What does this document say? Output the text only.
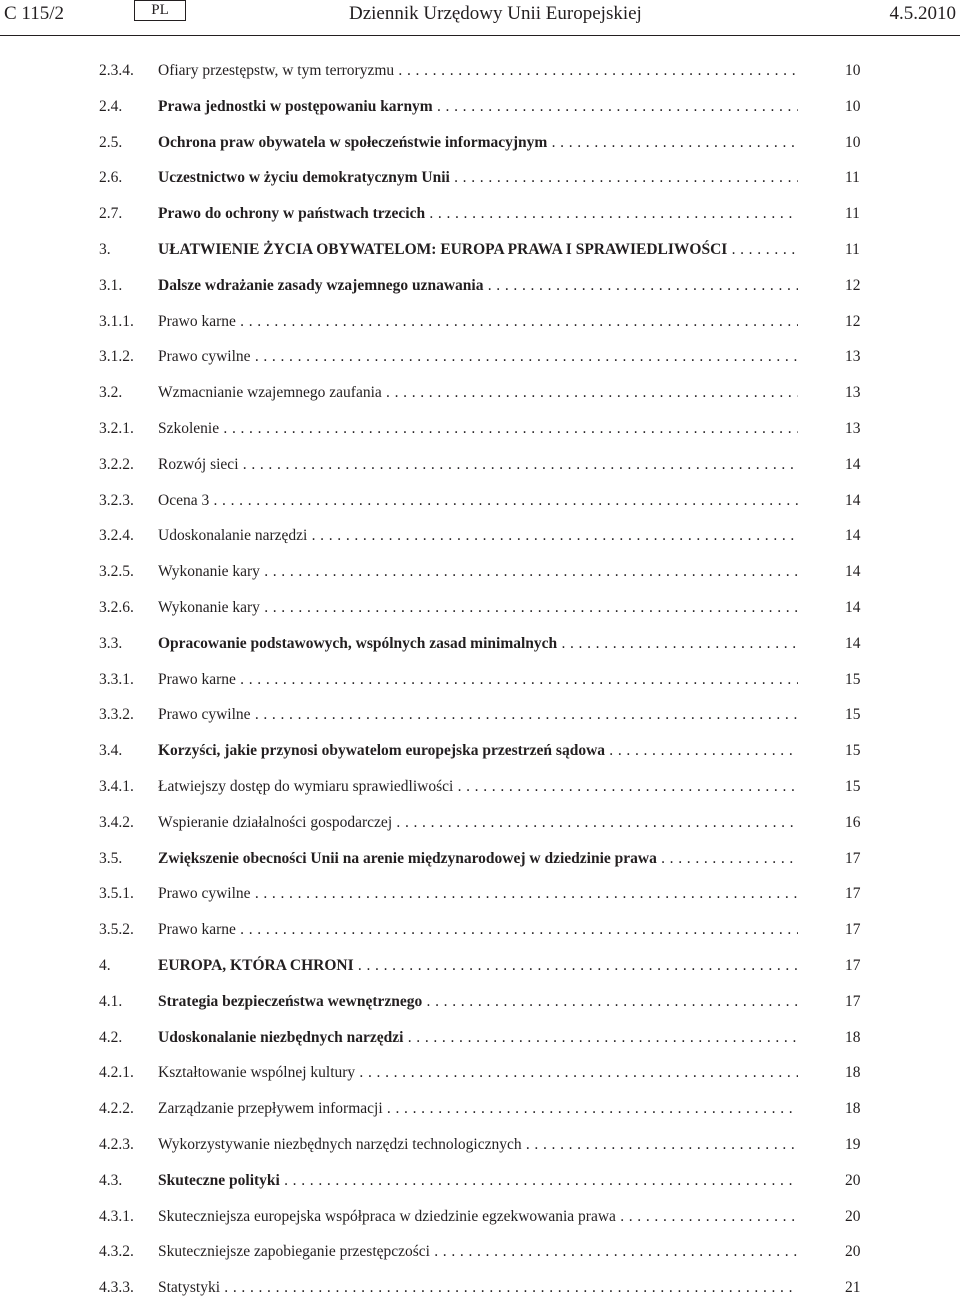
C 115/2	PL	Dziennik Urzędowy Unii Europejskiej	4.5.2010
2.3.4. Ofiary przestępstw, w tym terroryzmu . . .	10
2.4. Prawa jednostki w postępowaniu karnym . . .	10
2.5. Ochrona praw obywatela w społeczeństwie informacyjnym . . .	10
2.6. Uczestnictwo w życiu demokratycznym Unii . . .	11
2.7. Prawo do ochrony w państwach trzecich . . .	11
3.	UŁATWIENIE ŻYCIA OBYWATELOM: EUROPA PRAWA I SPRAWIEDLIWOŚCI . . .	11
3.1. Dalsze wdrażanie zasady wzajemnego uznawania . . .	12
3.1.1. Prawo karne . . .	12
3.1.2. Prawo cywilne . . .	13
3.2. Wzmacnianie wzajemnego zaufania . . .	13
3.2.1. Szkolenie . . .	13
3.2.2. Rozwój sieci . . .	14
3.2.3. Ocena 3 . . .	14
3.2.4. Udoskonalanie narzędzi . . .	14
3.2.5. Wykonanie kary . . .	14
3.2.6. Wykonanie kary . . .	14
3.3. Opracowanie podstawowych, wspólnych zasad minimalnych . . .	14
3.3.1. Prawo karne . . .	15
3.3.2. Prawo cywilne . . .	15
3.4. Korzyści, jakie przynosi obywatelom europejska przestrzeń sądowa . . .	15
3.4.1. Łatwiejszy dostęp do wymiaru sprawiedliwości . . .	15
3.4.2. Wspieranie działalności gospodarczej . . .	16
3.5. Zwiększenie obecności Unii na arenie międzynarodowej w dziedzinie prawa . . .	17
3.5.1. Prawo cywilne . . .	17
3.5.2. Prawo karne . . .	17
4.	EUROPA, KTÓRA CHRONI . . .	17
4.1. Strategia bezpieczeństwa wewnętrznego . . .	17
4.2. Udoskonalanie niezbędnych narzędzi . . .	18
4.2.1. Kształtowanie wspólnej kultury . . .	18
4.2.2. Zarządzanie przepływem informacji . . .	18
4.2.3. Wykorzystywanie niezbędnych narzędzi technologicznych . . .	19
4.3. Skuteczne polityki . . .	20
4.3.1. Skuteczniejsza europejska współpraca w dziedzinie egzekwowania prawa . . .	20
4.3.2. Skuteczniejsze zapobieganie przestępczości . . .	20
4.3.3. Statystyki . . .	21
